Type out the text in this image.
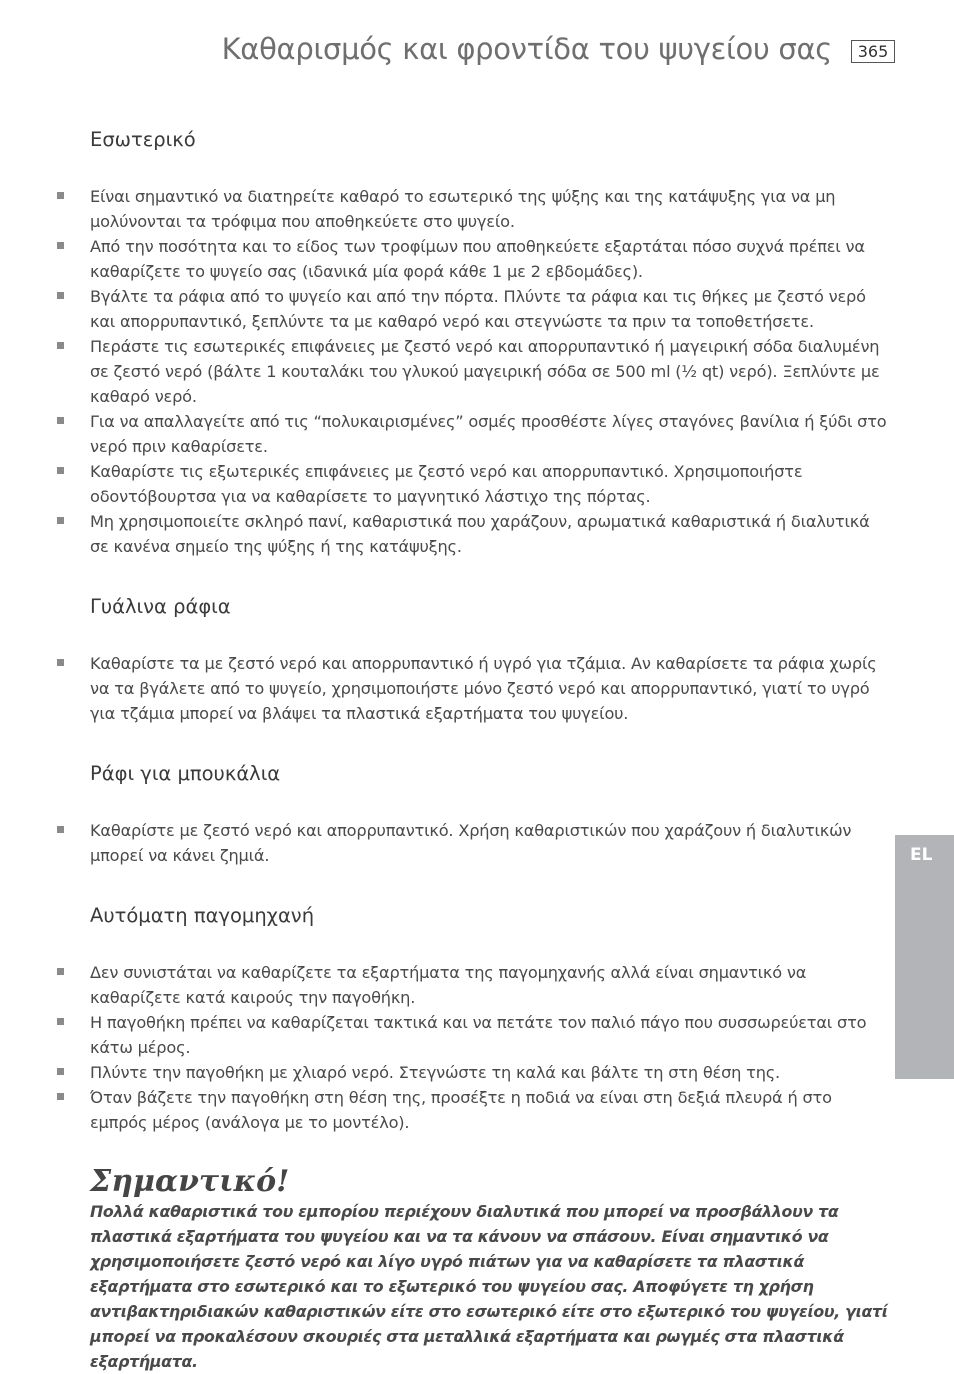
Καθαρισμός και φροντίδα του ψυγείου σας	365
EL
Εσωτερικό
Είναι σημαντικό να διατηρείτε καθαρό το εσωτερικό της ψύξης και της κατάψυξης για να μη μολύνονται τα τρόφιμα που αποθηκεύετε στο ψυγείο.
Από την ποσότητα και το είδος των τροφίμων που αποθηκεύετε εξαρτάται πόσο συχνά πρέπει να καθαρίζετε το ψυγείο σας (ιδανικά μία φορά κάθε 1 με 2 εβδομάδες).
Βγάλτε τα ράφια από το ψυγείο και από την πόρτα. Πλύντε τα ράφια και τις θήκες με ζεστό νερό και απορρυπαντικό, ξεπλύντε τα με καθαρό νερό και στεγνώστε τα πριν τα τοποθετήσετε.
Περάστε τις εσωτερικές επιφάνειες με ζεστό νερό και απορρυπαντικό ή μαγειρική σόδα διαλυμένη σε ζεστό νερό (βάλτε 1 κουταλάκι του γλυκού μαγειρική σόδα σε 500 ml (½ qt) νερό). Ξεπλύντε με καθαρό νερό.
Για να απαλλαγείτε από τις “πολυκαιρισμένες” οσμές προσθέστε λίγες σταγόνες βανίλια ή ξύδι στο νερό πριν καθαρίσετε.
Καθαρίστε τις εξωτερικές επιφάνειες με ζεστό νερό και απορρυπαντικό. Χρησιμοποιήστε οδοντόβουρτσα για να καθαρίσετε το μαγνητικό λάστιχο της πόρτας.
Μη χρησιμοποιείτε σκληρό πανί, καθαριστικά που χαράζουν, αρωματικά καθαριστικά ή διαλυτικά σε κανένα σημείο της ψύξης ή της κατάψυξης.
Γυάλινα ράφια
Καθαρίστε τα με ζεστό νερό και απορρυπαντικό ή υγρό για τζάμια. Αν καθαρίσετε τα ράφια χωρίς να τα βγάλετε από το ψυγείο, χρησιμοποιήστε μόνο ζεστό νερό και απορρυπαντικό, γιατί το υγρό για τζάμια μπορεί να βλάψει τα πλαστικά εξαρτήματα του ψυγείου.
Ράφι για μπουκάλια
Καθαρίστε με ζεστό νερό και απορρυπαντικό. Χρήση καθαριστικών που χαράζουν ή διαλυτικών μπορεί να κάνει ζημιά.
Αυτόματη παγομηχανή
Δεν συνιστάται να καθαρίζετε τα εξαρτήματα της παγομηχανής αλλά είναι σημαντικό να καθαρίζετε κατά καιρούς την παγοθήκη.
Η παγοθήκη πρέπει να καθαρίζεται τακτικά και να πετάτε τον παλιό πάγο που συσσωρεύεται στο κάτω μέρος.
Πλύντε την παγοθήκη με χλιαρό νερό. Στεγνώστε τη καλά και βάλτε τη στη θέση της.
Όταν βάζετε την παγοθήκη στη θέση της, προσέξτε η ποδιά να είναι στη δεξιά πλευρά ή στο εμπρός μέρος (ανάλογα με το μοντέλο).
Σημαντικό!

Πολλά καθαριστικά του εμπορίου περιέχουν διαλυτικά που μπορεί να προσβάλλουν τα πλαστικά εξαρτήματα του ψυγείου και να τα κάνουν να σπάσουν. Είναι σημαντικό να χρησιμοποιήσετε ζεστό νερό και λίγο υγρό πιάτων για να καθαρίσετε τα πλαστικά εξαρτήματα στο εσωτερικό και το εξωτερικό του ψυγείου σας. Αποφύγετε τη χρήση αντιβακτηριδιακών καθαριστικών είτε στο εσωτερικό είτε στο εξωτερικό του ψυγείου, γιατί μπορεί να προκαλέσουν σκουριές στα μεταλλικά εξαρτήματα και ρωγμές στα πλαστικά εξαρτήματα.
